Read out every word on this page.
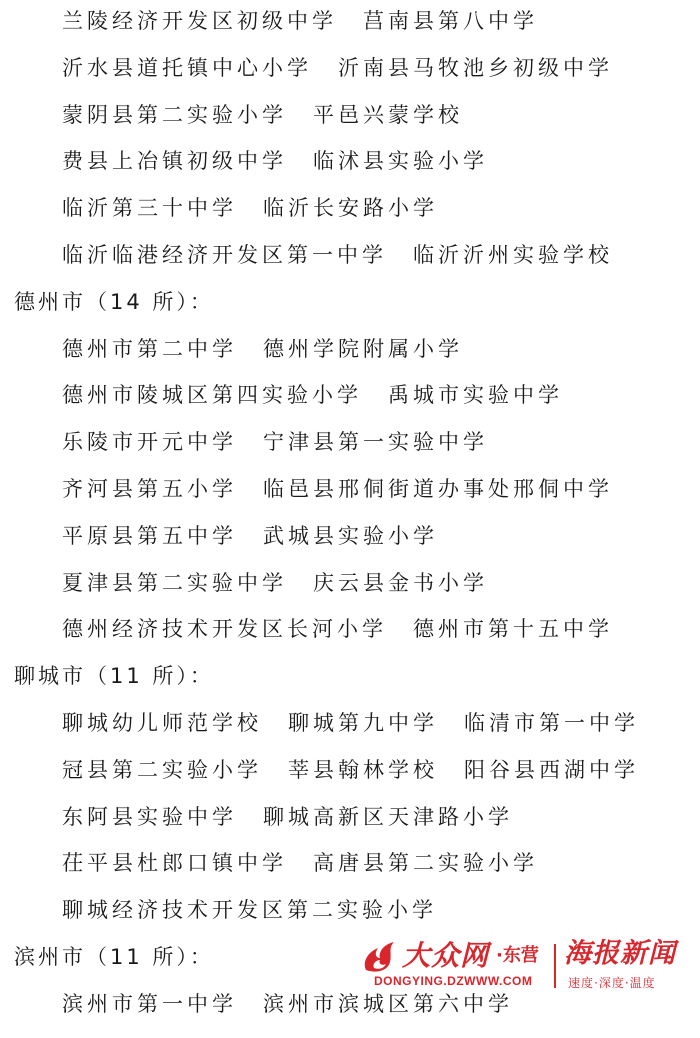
兰陵经济开发区初级中学 莒南县第八中学
沂水县道托镇中心小学 沂南县马牧池乡初级中学
蒙阴县第二实验小学 平邑兴蒙学校
费县上冶镇初级中学 临沭县实验小学
临沂第三十中学 临沂长安路小学
临沂临港经济开发区第一中学 临沂沂州实验学校
德州市（14 所）：
德州市第二中学 德州学院附属小学
德州市陵城区第四实验小学 禹城市实验中学
乐陵市开元中学 宁津县第一实验中学
齐河县第五小学 临邑县邢侗街道办事处邢侗中学
平原县第五中学 武城县实验小学
夏津县第二实验中学 庆云县金书小学
德州经济技术开发区长河小学 德州市第十五中学
聊城市（11 所）：
聊城幼儿师范学校 聊城第九中学 临清市第一中学
冠县第二实验小学 莘县翰林学校 阳谷县西湖中学
东阿县实验中学 聊城高新区天津路小学
茌平县杜郎口镇中学 高唐县第二实验小学
聊城经济技术开发区第二实验小学
滨州市（11 所）：
滨州市第一中学 滨州市滨城区第六中学
大众网 ·东营
DONGYING.DZWWW.COM
海报新闻
速度·深度·温度
